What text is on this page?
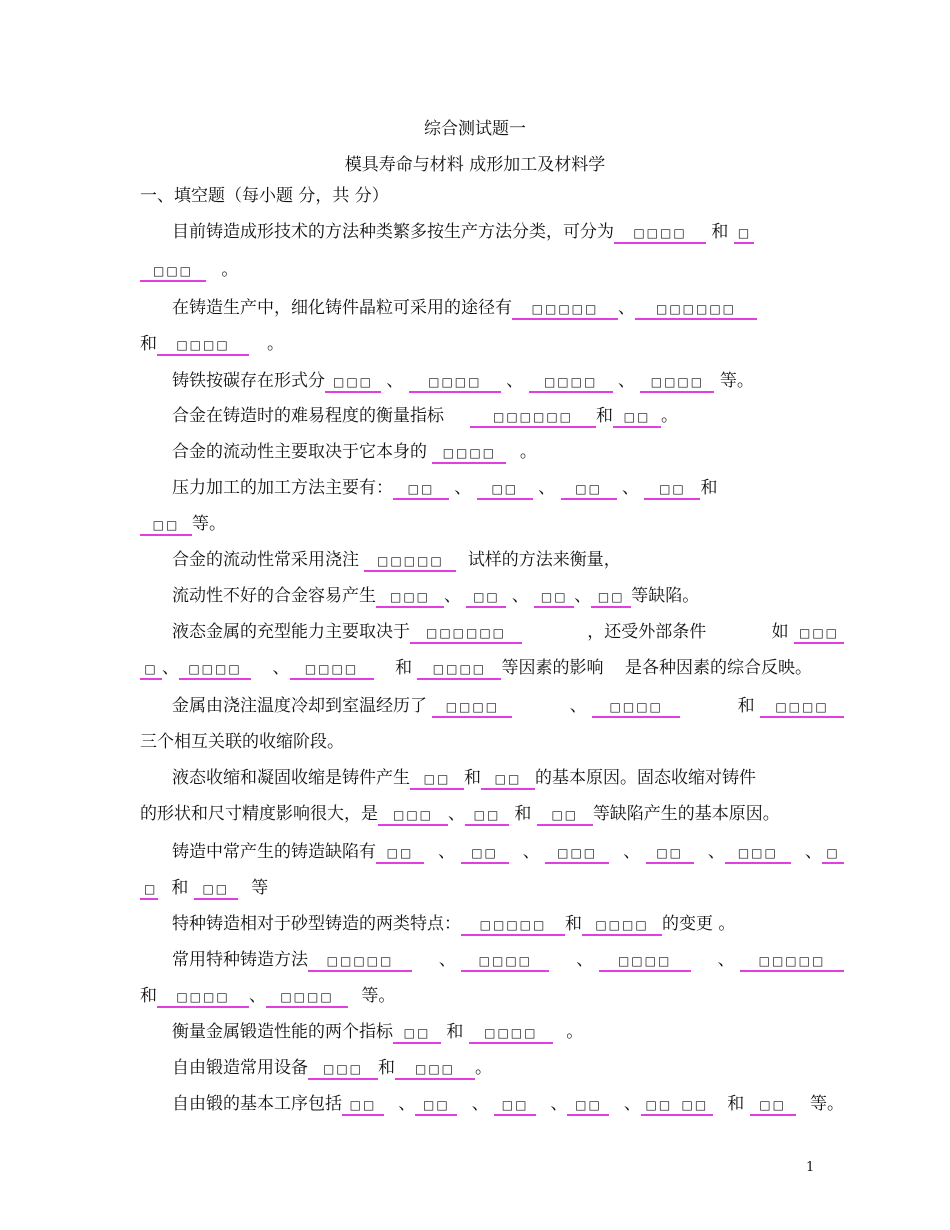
综合测试题一
模具寿命与材料 成形加工及材料学
一、填空题（每小题 分，共 分）
目前铸造成形技术的方法种类繁多按生产方法分类，可分为 □□□□ 和 □
□□□ 。
在铸造生产中，细化铸件晶粒可采用的途径有 □□□□□ 、 □□□□□□
和 □□□□ 。
铸铁按碳存在形式分 □□□ 、 □□□□ 、 □□□□ 、 □□□□ 等。
合金在铸造时的难易程度的衡量指标	□□□□□□ 和 □□ 。
合金的流动性主要取决于它本身的 □□□□ 。
压力加工的加工方法主要有： □□ 、 □□ 、 □□ 、 □□ 和
□□ 等。
合金的流动性常采用浇注 □□□□□ 试样的方法来衡量，
流动性不好的合金容易产生 □□□ 、 □□ 、 □□ 、 □□ 等缺陷。
液态金属的充型能力主要取决于 □□□□□□	，还受外部条件	如 □□□
□ 、 □□□□	、 □□□□	和 □□□□ 等因素的影响 是各种因素的综合反映。
金属由浇注温度冷却到室温经历了 □□□□	、 □□□□	和 □□□□
三个相互关联的收缩阶段。
液态收缩和凝固收缩是铸件产生 □□ 和 □□ 的基本原因。固态收缩对铸件
的形状和尺寸精度影响很大，是 □□□ 、 □□ 和 □□ 等缺陷产生的基本原因。
铸造中常产生的铸造缺陷有 □□	、 □□	、 □□□	、 □□	、 □□□	、 □
□ 和 □□ 等
特种铸造相对于砂型铸造的两类特点： □□□□□ 和 □□□□ 的变更 。
常用特种铸造方法 □□□□□	、 □□□□	、 □□□□	、 □□□□□
和 □□□□ 、 □□□□ 等。
衡量金属锻造性能的两个指标 □□ 和 □□□□ 。
自由锻造常用设备 □□□ 和 □□□ 。
自由锻的基本工序包括 □□	、 □□	、 □□	、 □□	、 □□ □□ 和 □□	等。
1
